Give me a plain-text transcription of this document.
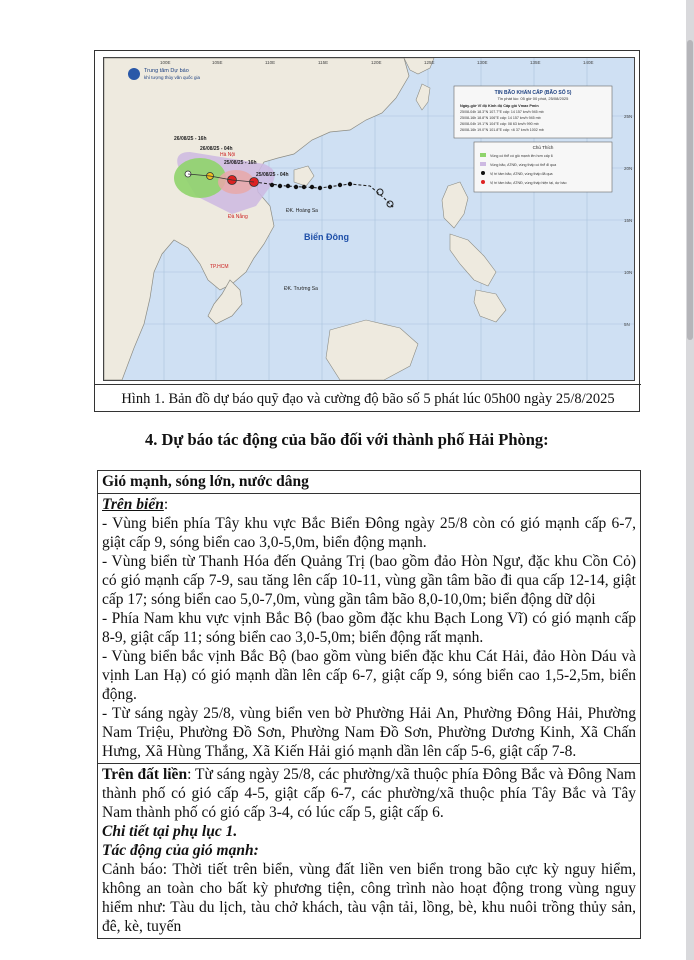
Trung tâm Dự báo
khí tượng thủy văn quốc gia
26/08/25 - 16h
26/08/25 - 04h
25/08/25 - 16h
25/08/25 - 04h
Hà Nội
Đà Nẵng
ĐK. Hoàng Sa
TP.HCM
ĐK. Trường Sa
Biển Đông
100E	105E	110E	115E	120E	125E	130E	135E	140E
25N
20N
15N
10N
5N
TIN BÃO KHẨN CẤP (BÃO SỐ 5)
Tin phát lúc: 05 giờ 00 phút, 25/08/2025
Ngày-giờ Vĩ độ Kinh độ Cấp gió Vmax Pmin
25/08-04h 18.3°N 107.7°E cấp: 14 157 km/h 945 mb
25/08-16h 18.8°N 106°E cấp: 14 157 km/h 945 mb
26/08-04h 19.1°N 104°E cấp: 08 63 km/h 990 mb
26/08-16h 19.0°N 101.8°E cấp: <6 37 km/h 1002 mb
Chú Thích
Vùng có thể có gió mạnh lên hơn cấp 6
Vùng bão, ATNĐ, vùng thấp có thể đi qua
Vị trí tâm bão, ATNĐ, vùng thấp đã qua
Vị trí tâm bão, ATNĐ, vùng thấp hiện tại, dự báo
Hình 1. Bản đồ dự báo quỹ đạo và cường độ bão số 5 phát lúc 05h00 ngày 25/8/2025
4. Dự báo tác động của bão đối với thành phố Hải Phòng:
Gió mạnh, sóng lớn, nước dâng

Trên biển:

- Vùng biển phía Tây khu vực Bắc Biển Đông ngày 25/8 còn có gió mạnh cấp 6-7, giật cấp 9, sóng biển cao 3,0-5,0m, biển động mạnh.

- Vùng biển từ Thanh Hóa đến Quảng Trị (bao gồm đảo Hòn Ngư, đặc khu Cồn Cỏ) có gió mạnh cấp 7-9, sau tăng lên cấp 10-11, vùng gần tâm bão đi qua cấp 12-14, giật cấp 17; sóng biển cao 5,0-7,0m, vùng gần tâm bão 8,0-10,0m; biển động dữ dội

- Phía Nam khu vực vịnh Bắc Bộ (bao gồm đặc khu Bạch Long Vĩ) có gió mạnh cấp 8-9, giật cấp 11; sóng biển cao 3,0-5,0m; biển động rất mạnh.

- Vùng biển bắc vịnh Bắc Bộ (bao gồm vùng biển đặc khu Cát Hải, đảo Hòn Dáu và vịnh Lan Hạ) có gió mạnh dần lên cấp 6-7, giật cấp 9, sóng biển cao 1,5-2,5m, biển động.

- Từ sáng ngày 25/8, vùng biển ven bờ Phường Hải An, Phường Đông Hải, Phường Nam Triệu, Phường Đồ Sơn, Phường Nam Đồ Sơn, Phường Dương Kinh, Xã Chấn Hưng, Xã Hùng Thắng, Xã Kiến Hải gió mạnh dần lên cấp 5-6, giật cấp 7-8.

Trên đất liền: Từ sáng ngày 25/8, các phường/xã thuộc phía Đông Bắc và Đông Nam thành phố có gió cấp 4-5, giật cấp 6-7, các phường/xã thuộc phía Tây Bắc và Tây Nam thành phố có gió cấp 3-4, có lúc cấp 5, giật cấp 6.

Chi tiết tại phụ lục 1.

Tác động của gió mạnh:

Cảnh báo: Thời tiết trên biển, vùng đất liền ven biển trong bão cực kỳ nguy hiểm, không an toàn cho bất kỳ phương tiện, công trình nào hoạt động trong vùng nguy hiểm như: Tàu du lịch, tàu chở khách, tàu vận tải, lồng, bè, khu nuôi trồng thủy sản, đê, kè, tuyến
